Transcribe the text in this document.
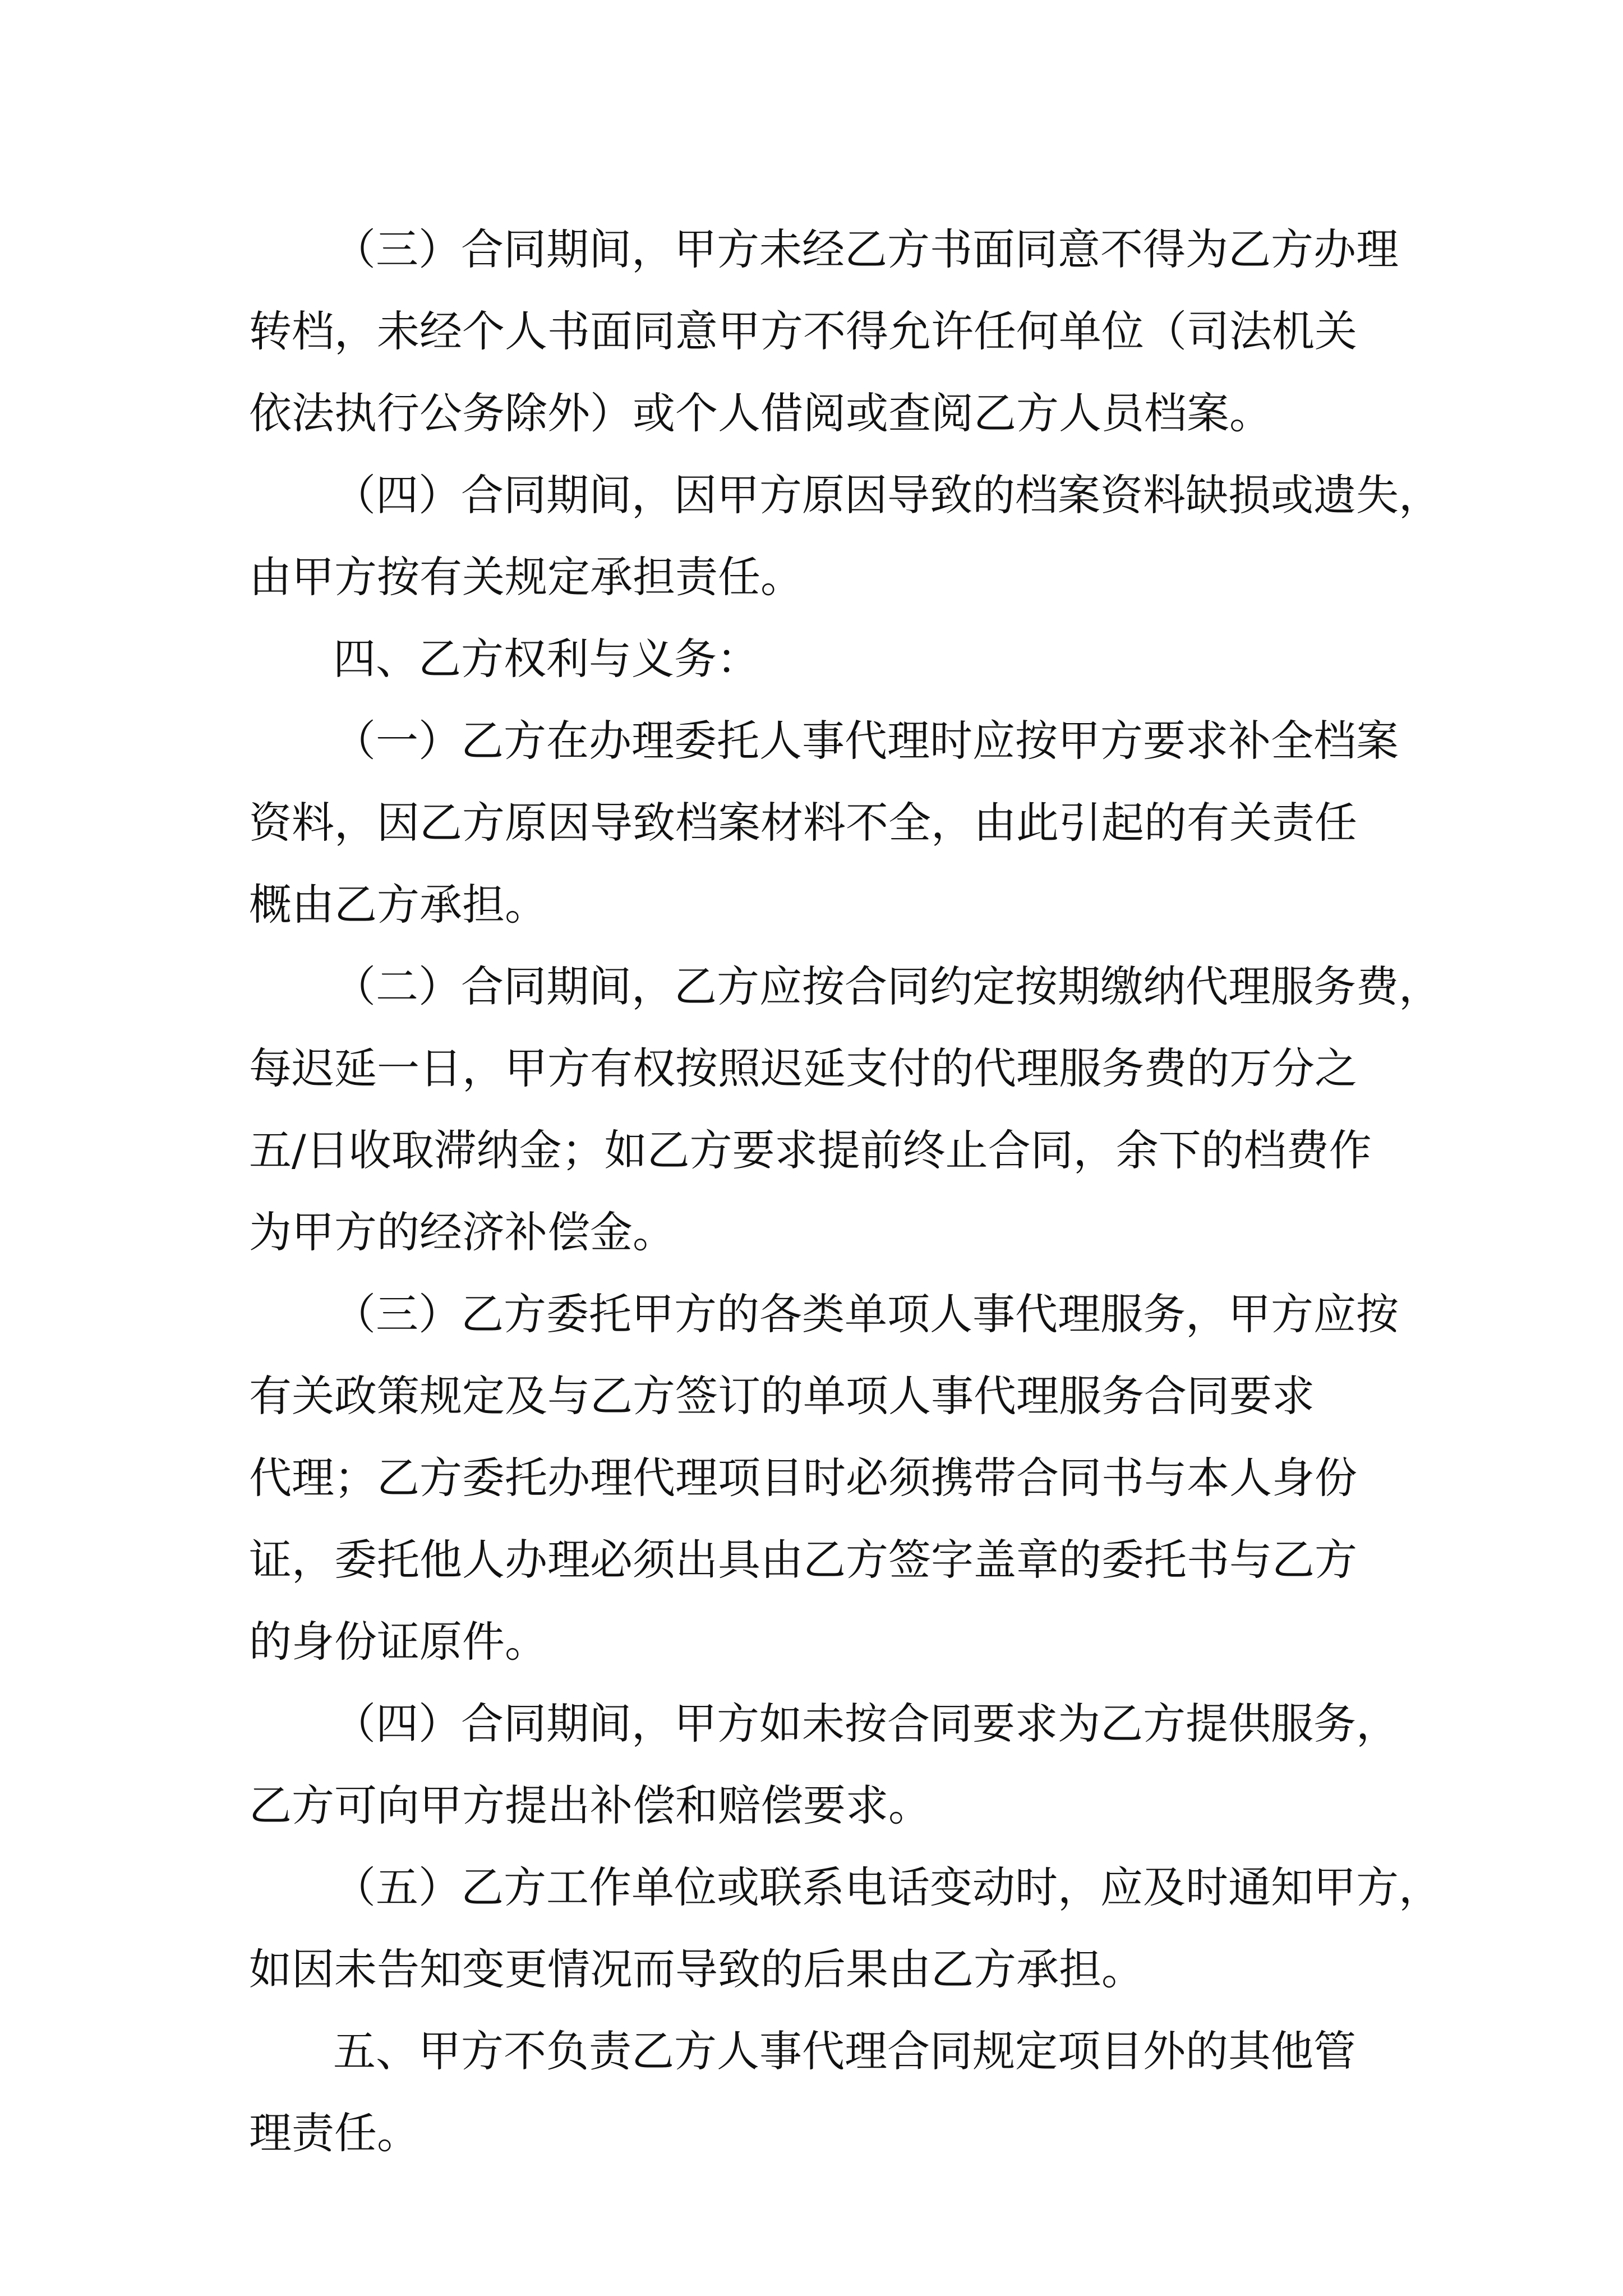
（三）合同期间，甲方未经乙方书面同意不得为乙方办理
转档，未经个人书面同意甲方不得允许任何单位（司法机关
依法执行公务除外）或个人借阅或查阅乙方人员档案。
（四）合同期间，因甲方原因导致的档案资料缺损或遗失，
由甲方按有关规定承担责任。
四、乙方权利与义务：
（一）乙方在办理委托人事代理时应按甲方要求补全档案
资料，因乙方原因导致档案材料不全，由此引起的有关责任
概由乙方承担。
（二）合同期间，乙方应按合同约定按期缴纳代理服务费，
每迟延一日，甲方有权按照迟延支付的代理服务费的万分之
五/日收取滞纳金；如乙方要求提前终止合同，余下的档费作
为甲方的经济补偿金。
（三）乙方委托甲方的各类单项人事代理服务，甲方应按
有关政策规定及与乙方签订的单项人事代理服务合同要求
代理；乙方委托办理代理项目时必须携带合同书与本人身份
证，委托他人办理必须出具由乙方签字盖章的委托书与乙方
的身份证原件。
（四）合同期间，甲方如未按合同要求为乙方提供服务，
乙方可向甲方提出补偿和赔偿要求。
（五）乙方工作单位或联系电话变动时，应及时通知甲方，
如因未告知变更情况而导致的后果由乙方承担。
五、甲方不负责乙方人事代理合同规定项目外的其他管
理责任。
